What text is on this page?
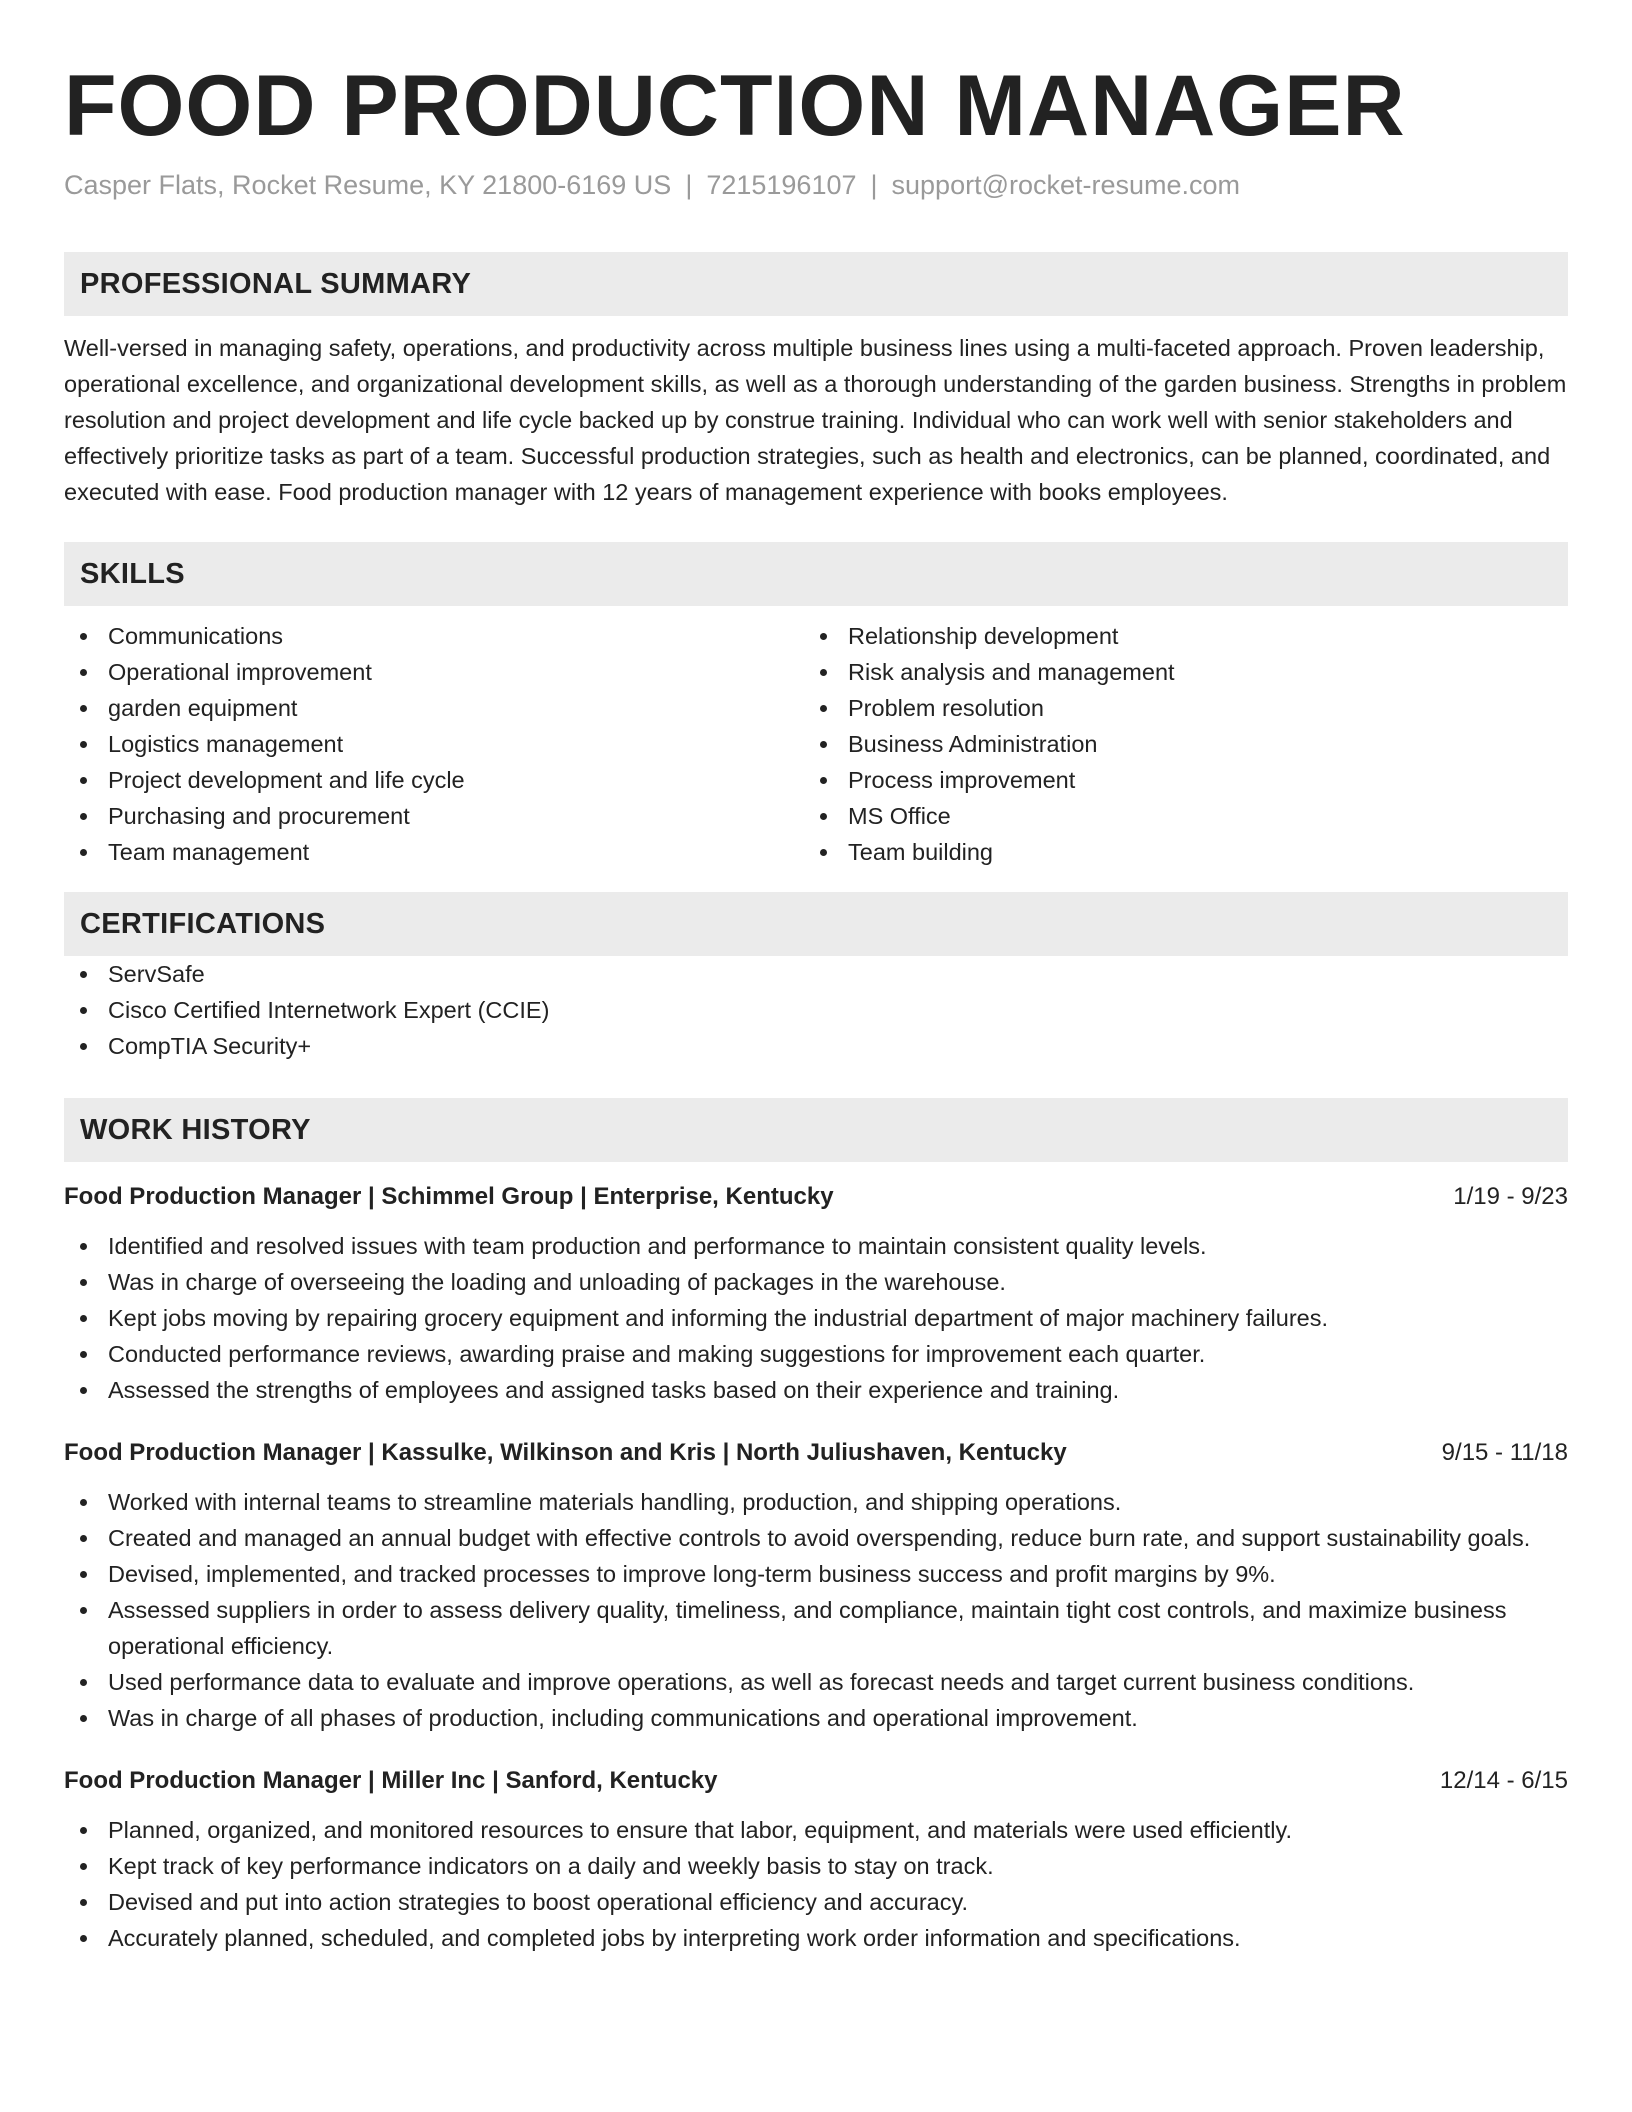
FOOD PRODUCTION MANAGER
Casper Flats, Rocket Resume, KY 21800-6169 US | 7215196107 | support@rocket-resume.com
PROFESSIONAL SUMMARY

Well-versed in managing safety, operations, and productivity across multiple business lines using a multi-faceted approach. Proven leadership, operational excellence, and organizational development skills, as well as a thorough understanding of the garden business. Strengths in problem resolution and project development and life cycle backed up by construe training. Individual who can work well with senior stakeholders and effectively prioritize tasks as part of a team. Successful production strategies, such as health and electronics, can be planned, coordinated, and executed with ease. Food production manager with 12 years of management experience with books employees.

SKILLS
Communications
Operational improvement
garden equipment
Logistics management
Project development and life cycle
Purchasing and procurement
Team management
Relationship development
Risk analysis and management
Problem resolution
Business Administration
Process improvement
MS Office
Team building
CERTIFICATIONS
ServSafe
Cisco Certified Internetwork Expert (CCIE)
CompTIA Security+
WORK HISTORY
Food Production Manager | Schimmel Group | Enterprise, Kentucky	1/19 - 9/23
Identified and resolved issues with team production and performance to maintain consistent quality levels.
Was in charge of overseeing the loading and unloading of packages in the warehouse.
Kept jobs moving by repairing grocery equipment and informing the industrial department of major machinery failures.
Conducted performance reviews, awarding praise and making suggestions for improvement each quarter.
Assessed the strengths of employees and assigned tasks based on their experience and training.
Food Production Manager | Kassulke, Wilkinson and Kris | North Juliushaven, Kentucky	9/15 - 11/18
Worked with internal teams to streamline materials handling, production, and shipping operations.
Created and managed an annual budget with effective controls to avoid overspending, reduce burn rate, and support sustainability goals.
Devised, implemented, and tracked processes to improve long-term business success and profit margins by 9%.
Assessed suppliers in order to assess delivery quality, timeliness, and compliance, maintain tight cost controls, and maximize business operational efficiency.
Used performance data to evaluate and improve operations, as well as forecast needs and target current business conditions.
Was in charge of all phases of production, including communications and operational improvement.
Food Production Manager | Miller Inc | Sanford, Kentucky	12/14 - 6/15
Planned, organized, and monitored resources to ensure that labor, equipment, and materials were used efficiently.
Kept track of key performance indicators on a daily and weekly basis to stay on track.
Devised and put into action strategies to boost operational efficiency and accuracy.
Accurately planned, scheduled, and completed jobs by interpreting work order information and specifications.
